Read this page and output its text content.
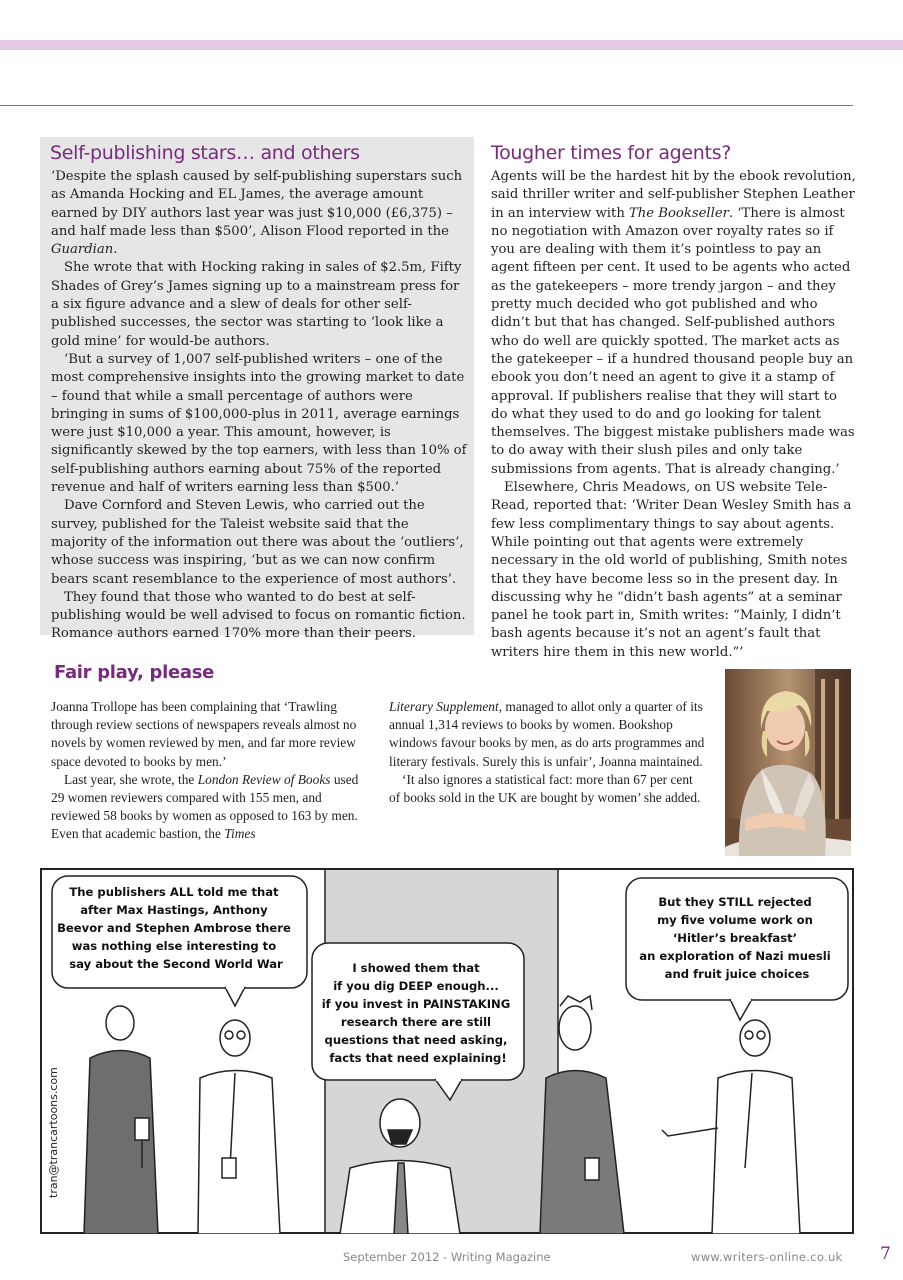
Self-publishing stars… and others

‘Despite the splash caused by self-publishing superstars such as Amanda Hocking and EL James, the average amount earned by DIY authors last year was just $10,000 (£6,375) – and half made less than $500’, Alison Flood reported in the Guardian.

She wrote that with Hocking raking in sales of $2.5m, Fifty Shades of Grey’s James signing up to a mainstream press for a six figure advance and a slew of deals for other self-published successes, the sector was starting to ‘look like a gold mine’ for would-be authors.

‘But a survey of 1,007 self-published writers – one of the most comprehensive insights into the growing market to date – found that while a small percentage of authors were bringing in sums of $100,000-plus in 2011, average earnings were just $10,000 a year. This amount, however, is significantly skewed by the top earners, with less than 10% of self-publishing authors earning about 75% of the reported revenue and half of writers earning less than $500.’

Dave Cornford and Steven Lewis, who carried out the survey, published for the Taleist website said that the majority of the information out there was about the ‘outliers’, whose success was inspiring, ‘but as we can now confirm bears scant resemblance to the experience of most authors’.

They found that those who wanted to do best at self-publishing would be well advised to focus on romantic fiction. Romance authors earned 170% more than their peers.

Tougher times for agents?

Agents will be the hardest hit by the ebook revolution, said thriller writer and self-publisher Stephen Leather in an interview with The Bookseller. ‘There is almost no negotiation with Amazon over royalty rates so if you are dealing with them it’s pointless to pay an agent fifteen per cent. It used to be agents who acted as the gatekeepers – more trendy jargon – and they pretty much decided who got published and who didn’t but that has changed. Self-published authors who do well are quickly spotted. The market acts as the gatekeeper – if a hundred thousand people buy an ebook you don’t need an agent to give it a stamp of approval. If publishers realise that they will start to do what they used to do and go looking for talent themselves. The biggest mistake publishers made was to do away with their slush piles and only take submissions from agents. That is already changing.’

Elsewhere, Chris Meadows, on US website Tele-Read, reported that: ‘Writer Dean Wesley Smith has a few less complimentary things to say about agents. While pointing out that agents were extremely necessary in the old world of publishing, Smith notes that they have become less so in the present day. In discussing why he “didn’t bash agents” at a seminar panel he took part in, Smith writes: “Mainly, I didn’t bash agents because it’s not an agent’s fault that writers hire them in this new world.”’

Fair play, please

Joanna Trollope has been complaining that ‘Trawling through review sections of newspapers reveals almost no novels by women reviewed by men, and far more review space devoted to books by men.’

Last year, she wrote, the London Review of Books used 29 women reviewers compared with 155 men, and reviewed 58 books by women as opposed to 163 by men. Even that academic bastion, the Times

Literary Supplement, managed to allot only a quarter of its annual 1,314 reviews to books by women. Bookshop windows favour books by men, as do arts programmes and literary festivals. Surely this is unfair’, Joanna maintained.

‘It also ignores a statistical fact: more than 67 per cent of books sold in the UK are bought by women’ she added.

tran@trancartoons.com
The publishers ALL told me that after Max Hastings, Anthony Beevor and Stephen Ambrose there was nothing else interesting to say about the Second World War	I showed them that if you dig DEEP enough... if you invest in PAINSTAKING research there are still questions that need asking, facts that need explaining!
But they STILL rejected my five volume work on ‘Hitler’s breakfast’ an exploration of Nazi muesli and fruit juice choices
September 2012 - Writing Magazine	www.writers-online.co.uk 7
